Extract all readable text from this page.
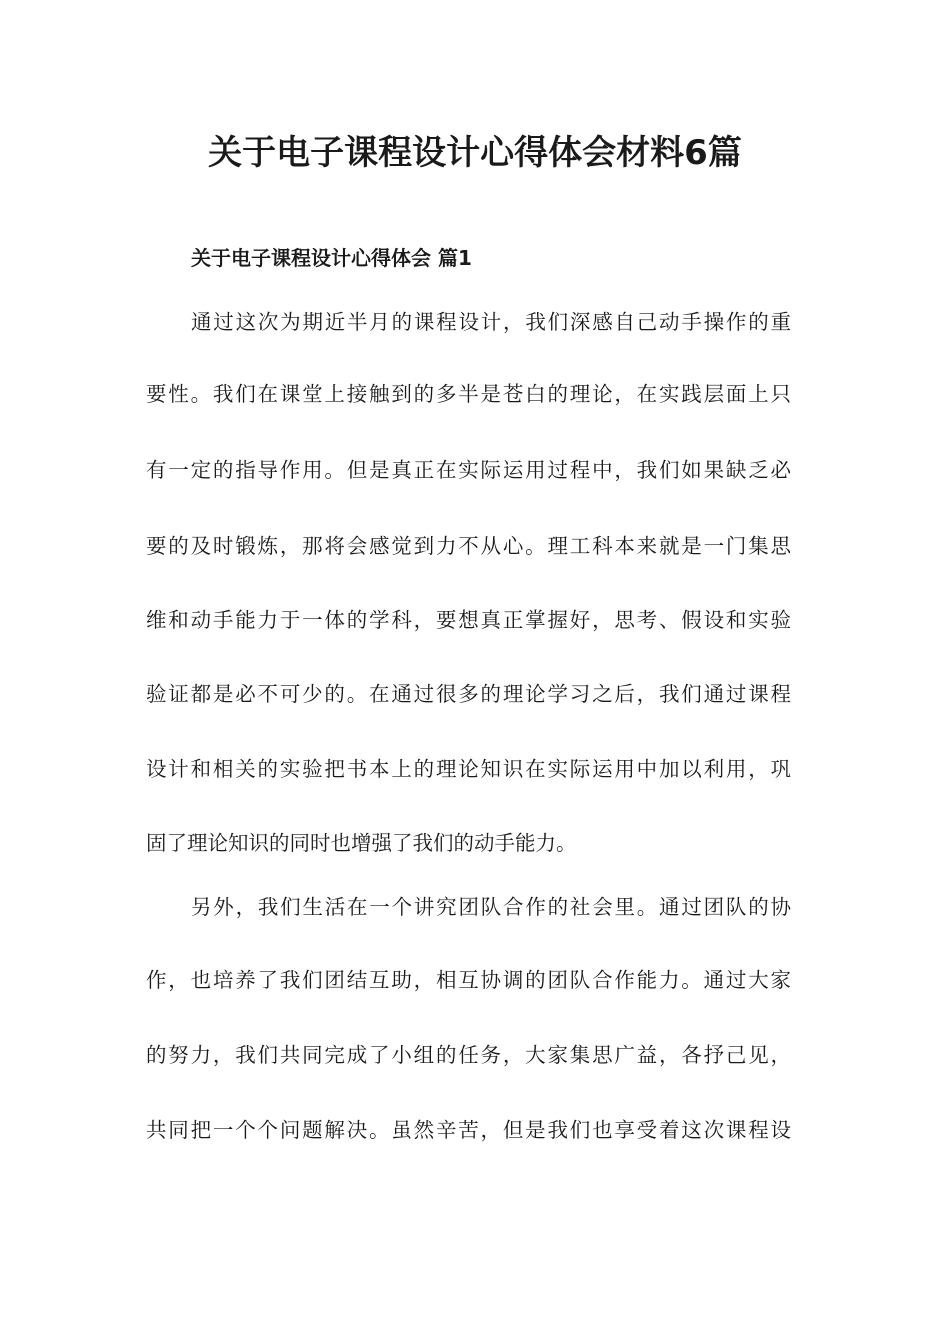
关于电子课程设计心得体会材料6篇
关于电子课程设计心得体会 篇1

通过这次为期近半月的课程设计，我们深感自己动手操作的重

要性。我们在课堂上接触到的多半是苍白的理论，在实践层面上只

有一定的指导作用。但是真正在实际运用过程中，我们如果缺乏必

要的及时锻炼，那将会感觉到力不从心。理工科本来就是一门集思

维和动手能力于一体的学科，要想真正掌握好，思考、假设和实验

验证都是必不可少的。在通过很多的理论学习之后，我们通过课程

设计和相关的实验把书本上的理论知识在实际运用中加以利用，巩

固了理论知识的同时也增强了我们的动手能力。

另外，我们生活在一个讲究团队合作的社会里。通过团队的协

作，也培养了我们团结互助，相互协调的团队合作能力。通过大家

的努力，我们共同完成了小组的任务，大家集思广益，各抒己见，

共同把一个个问题解决。虽然辛苦，但是我们也享受着这次课程设
